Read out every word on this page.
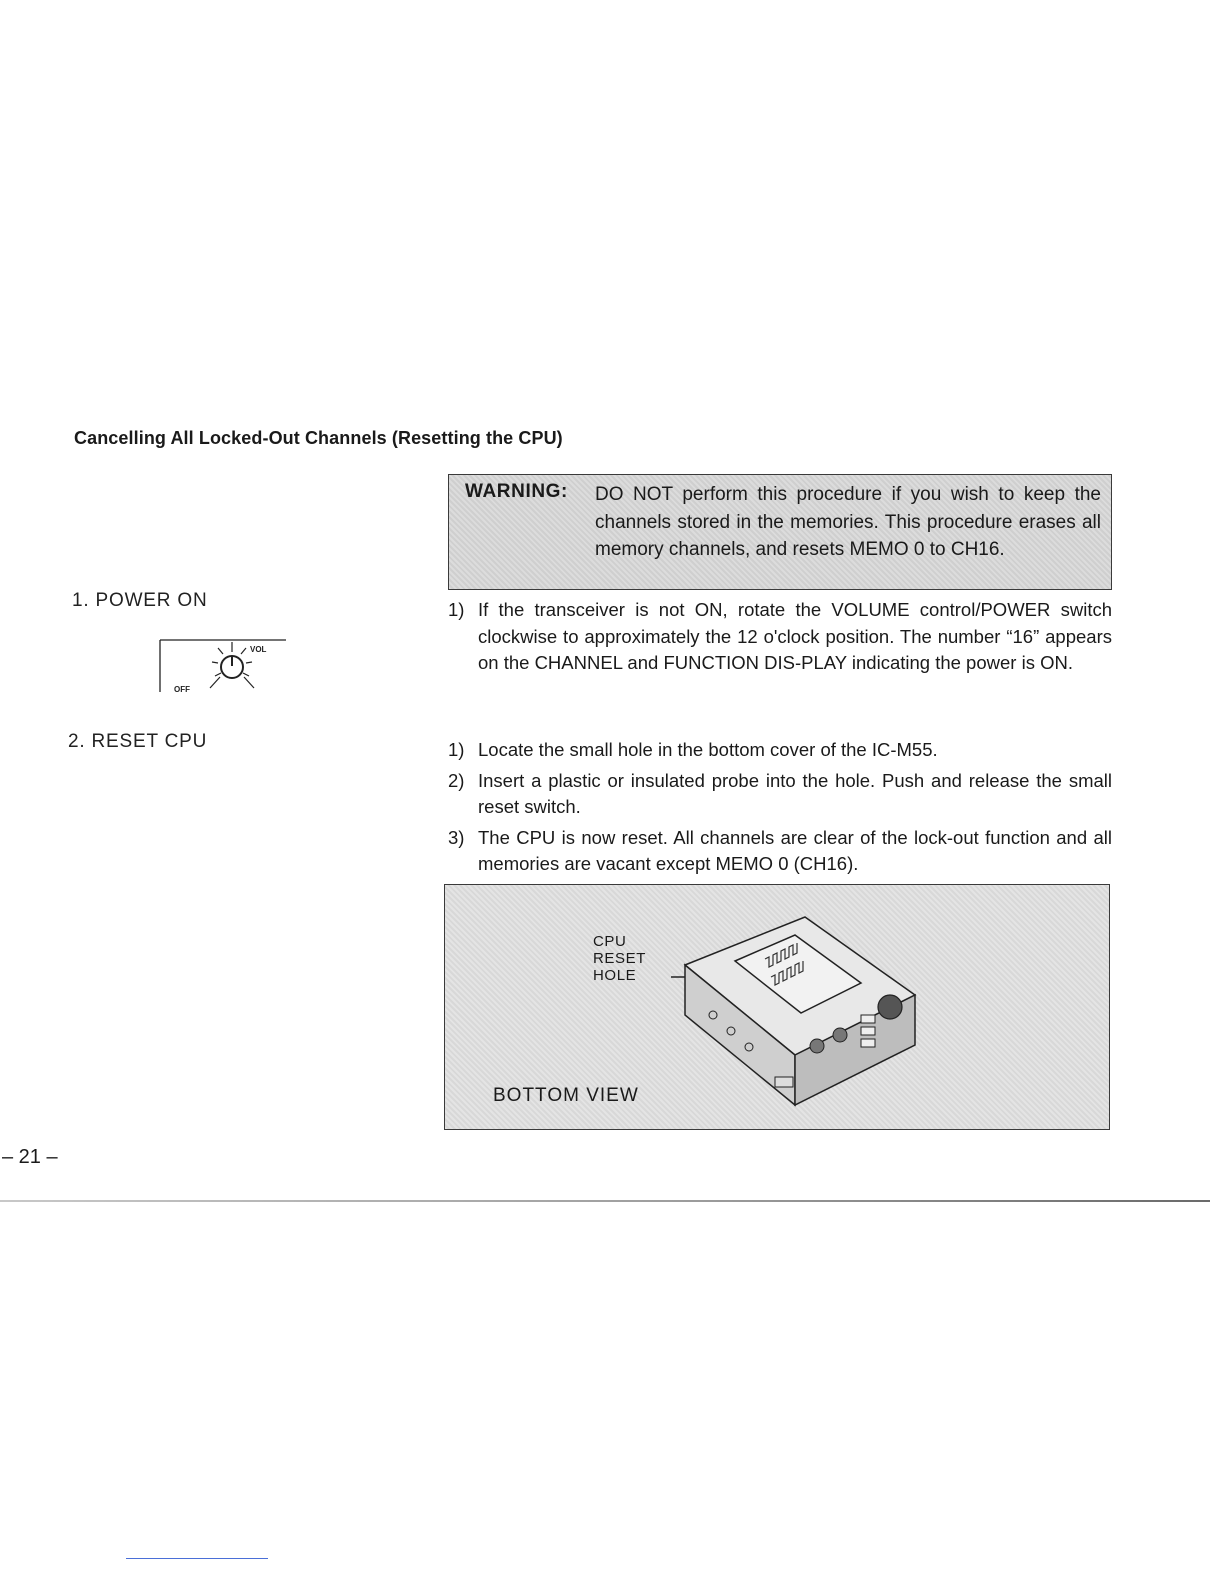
Cancelling All Locked-Out Channels (Resetting the CPU)
WARNING: DO NOT perform this procedure if you wish to keep the channels stored in the memories. This procedure erases all memory channels, and resets MEMO 0 to CH16.
1. POWER ON
VOL
OFF
1) If the transceiver is not ON, rotate the VOLUME control/POWER switch clockwise to approximately the 12 o'clock position. The number “16” appears on the CHANNEL and FUNCTION DIS-PLAY indicating the power is ON.
2. RESET CPU	1) Locate the small hole in the bottom cover of the IC-M55.
2) Insert a plastic or insulated probe into the hole. Push and release the small reset switch.
3) The CPU is now reset. All channels are clear of the lock-out function and all memories are vacant except MEMO 0 (CH16).
CPU
RESET
HOLE
BOTTOM VIEW
– 21 –
